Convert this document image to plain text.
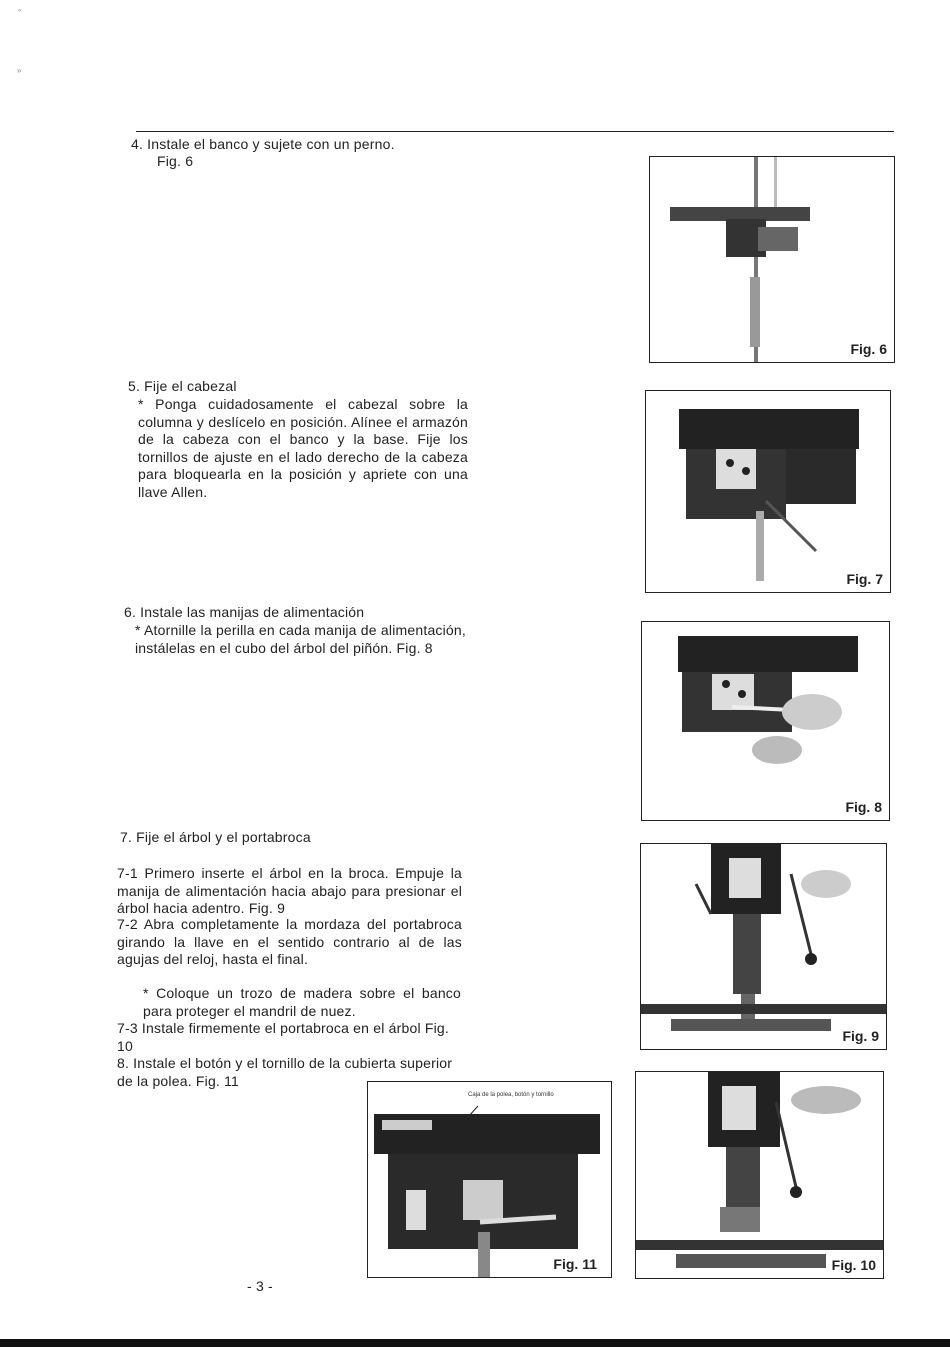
°
»
4. Instale el banco y sujete con un perno.
Fig. 6
5. Fije el cabezal
* Ponga cuidadosamente el cabezal sobre la columna y deslícelo en posición. Alínee el armazón de la cabeza con el banco y la base. Fije los tornillos de ajuste en el lado derecho de la cabeza para bloquearla en la posición y apriete con una llave Allen.
6. Instale las manijas de alimentación
* Atornille la perilla en cada manija de alimentación, instálelas en el cubo del árbol del piñón. Fig. 8
7. Fije el árbol y el portabroca
7-1 Primero inserte el árbol en la broca. Empuje la manija de alimentación hacia abajo para presionar el árbol hacia adentro. Fig. 9
7-2 Abra completamente la mordaza del portabroca girando la llave en el sentido contrario al de las agujas del reloj, hasta el final.
* Coloque un trozo de madera sobre el banco para proteger el mandril de nuez.
7-3 Instale firmemente el portabroca en el árbol Fig. 10
8. Instale el botón y el tornillo de la cubierta superior de la polea. Fig. 11
Fig. 6
Fig. 7
Fig. 8
Fig. 9
Fig. 10
Caja de la polea, botón y tornillo
Fig. 11
- 3 -
